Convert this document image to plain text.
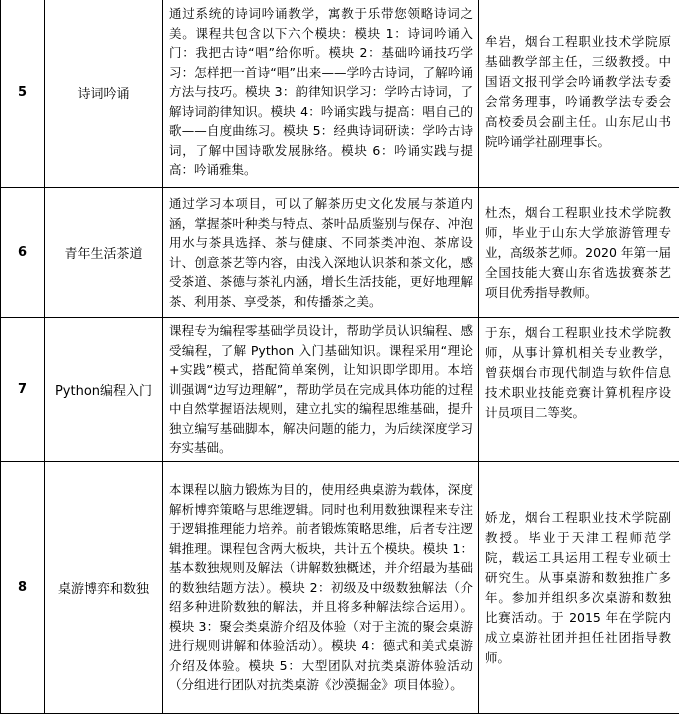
5	诗词吟诵	通过系统的诗词吟诵教学，寓教于乐带您领略诗词之美。课程共包含以下六个模块：模块 1：诗词吟诵入门：我把古诗“唱”给你听。模块 2：基础吟诵技巧学习：怎样把一首诗“唱”出来——学吟古诗词，了解吟诵方法与技巧。模块 3：韵律知识学习：学吟古诗词，了解诗词韵律知识。模块 4：吟诵实践与提高：唱自己的歌——自度曲练习。模块 5：经典诗词研读：学吟古诗词，了解中国诗歌发展脉络。模块 6：吟诵实践与提高：吟诵雅集。	牟岩，烟台工程职业技术学院原基础教学部主任，三级教授。中国语文报刊学会吟诵教学法专委会常务理事，吟诵教学法专委会高校委员会副主任。山东尼山书院吟诵学社副理事长。
6	青年生活茶道	通过学习本项目，可以了解茶历史文化发展与茶道内涵，掌握茶叶种类与特点、茶叶品质鉴别与保存、冲泡用水与茶具选择、茶与健康、不同茶类冲泡、茶席设计、创意茶艺等内容，由浅入深地认识茶和茶文化，感受茶道、茶德与茶礼内涵，增长生活技能，更好地理解茶、利用茶、享受茶，和传播茶之美。	杜杰，烟台工程职业技术学院教师，毕业于山东大学旅游管理专业，高级茶艺师。2020 年第一届全国技能大赛山东省选拔赛茶艺项目优秀指导教师。
7	Python编程入门	课程专为编程零基础学员设计，帮助学员认识编程、感受编程，了解 Python 入门基础知识。课程采用“理论+实践”模式，搭配简单案例，让知识即学即用。本培训强调“边写边理解”，帮助学员在完成具体功能的过程中自然掌握语法规则，建立扎实的编程思维基础，提升独立编写基础脚本，解决问题的能力，为后续深度学习夯实基础。	于东，烟台工程职业技术学院教师，从事计算机相关专业教学，曾获烟台市现代制造与软件信息技术职业技能竞赛计算机程序设计员项目二等奖。
8	桌游博弈和数独	本课程以脑力锻炼为目的，使用经典桌游为载体，深度解析博弈策略与思维逻辑。同时也利用数独课程来专注于逻辑推理能力培养。前者锻炼策略思维，后者专注逻辑推理。课程包含两大板块，共计五个模块。模块 1：基本数独规则及解法（讲解数独概述，并介绍最为基础的数独结题方法）。模块 2：初级及中级数独解法（介绍多种进阶数独的解法，并且将多种解法综合运用）。模块 3：聚会类桌游介绍及体验（对于主流的聚会桌游进行规则讲解和体验活动）。模块 4：德式和美式桌游介绍及体验。模块 5：大型团队对抗类桌游体验活动（分组进行团队对抗类桌游《沙漠掘金》项目体验）。	娇龙，烟台工程职业技术学院副教授。毕业于天津工程师范学院，载运工具运用工程专业硕士研究生。从事桌游和数独推广多年。参加并组织多次桌游和数独比赛活动。于 2015 年在学院内成立桌游社团并担任社团指导教师。
